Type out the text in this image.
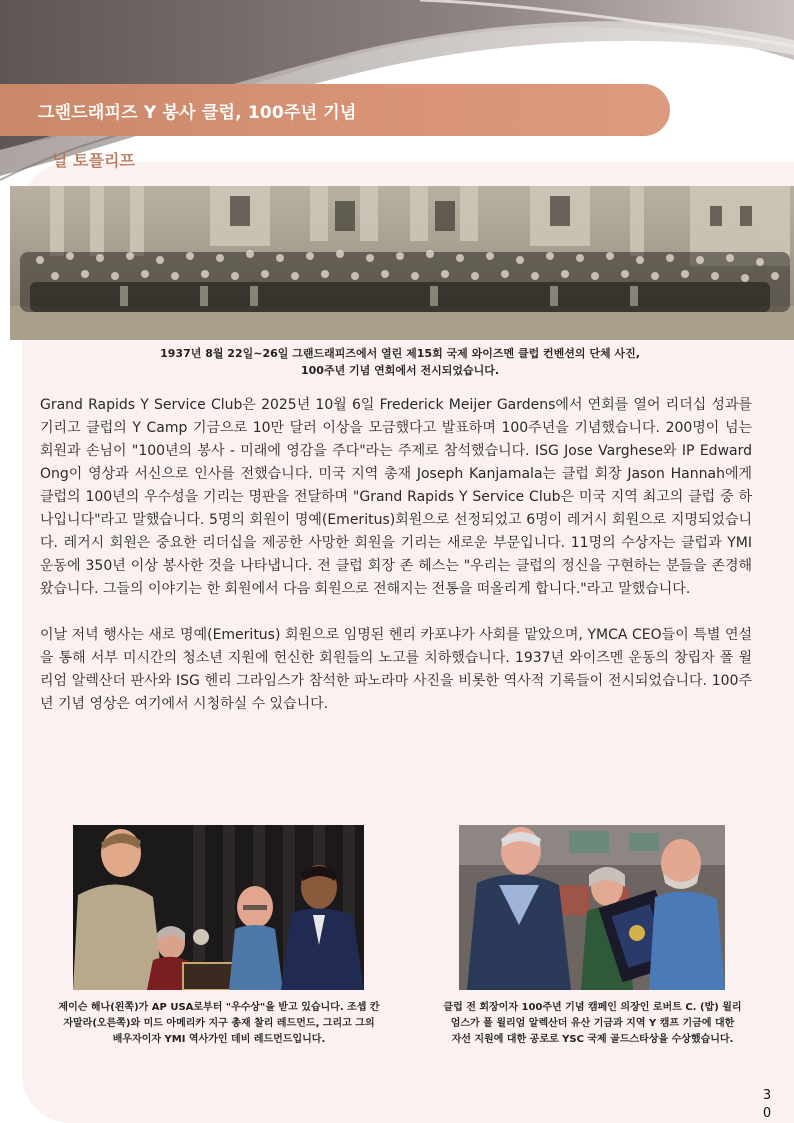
그랜드래피즈 Y 봉사 클럽, 100주년 기념
닐 토플리프
1937년 8월 22일~26일 그랜드래피즈에서 열린 제15회 국제 와이즈멘 클럽 컨벤션의 단체 사진,
100주년 기념 연회에서 전시되었습니다.

Grand Rapids Y Service Club은 2025년 10월 6일 Frederick Meijer Gardens에서 연회를 열어 리더십 성과를 기리고 클럽의 Y Camp 기금으로 10만 달러 이상을 모금했다고 발표하며 100주년을 기념했습니다. 200명이 넘는 회원과 손님이 "100년의 봉사 - 미래에 영감을 주다"라는 주제로 참석했습니다. ISG Jose Varghese와 IP Edward Ong이 영상과 서신으로 인사를 전했습니다. 미국 지역 총재 Joseph Kanjamala는 클럽 회장 Jason Hannah에게 클럽의 100년의 우수성을 기리는 명판을 전달하며 "Grand Rapids Y Service Club은 미국 지역 최고의 클럽 중 하나입니다"라고 말했습니다. 5명의 회원이 명예(Emeritus)회원으로 선정되었고 6명이 레거시 회원으로 지명되었습니다. 레거시 회원은 중요한 리더십을 제공한 사망한 회원을 기리는 새로운 부문입니다. 11명의 수상자는 클럽과 YMI 운동에 350년 이상 봉사한 것을 나타냅니다. 전 클럽 회장 존 헤스는 "우리는 클럽의 정신을 구현하는 분들을 존경해 왔습니다. 그들의 이야기는 한 회원에서 다음 회원으로 전해지는 전통을 떠올리게 합니다."라고 말했습니다.

이날 저녁 행사는 새로 명예(Emeritus) 회원으로 임명된 헨리 카포냐가 사회를 맡았으며, YMCA CEO들이 특별 연설을 통해 서부 미시간의 청소년 지원에 헌신한 회원들의 노고를 치하했습니다. 1937년 와이즈멘 운동의 창립자 폴 윌리엄 알렉산더 판사와 ISG 헨리 그라임스가 참석한 파노라마 사진을 비롯한 역사적 기록들이 전시되었습니다. 100주년 기념 영상은 여기에서 시청하실 수 있습니다.

제이슨 해나(왼쪽)가 AP USA로부터 "우수상"을 받고 있습니다. 조셉 칸
자말라(오른쪽)와 미드 아메리카 지구 총재 찰리 레드먼드, 그리고 그의
배우자이자 YMI 역사가인 데비 레드먼드입니다.
클럽 전 회장이자 100주년 기념 캠페인 의장인 로버트 C. (밥) 윌리
엄스가 폴 윌리엄 알렉산더 유산 기금과 지역 Y 캠프 기금에 대한
자선 지원에 대한 공로로 YSC 국제 골드스타상을 수상했습니다.
30
